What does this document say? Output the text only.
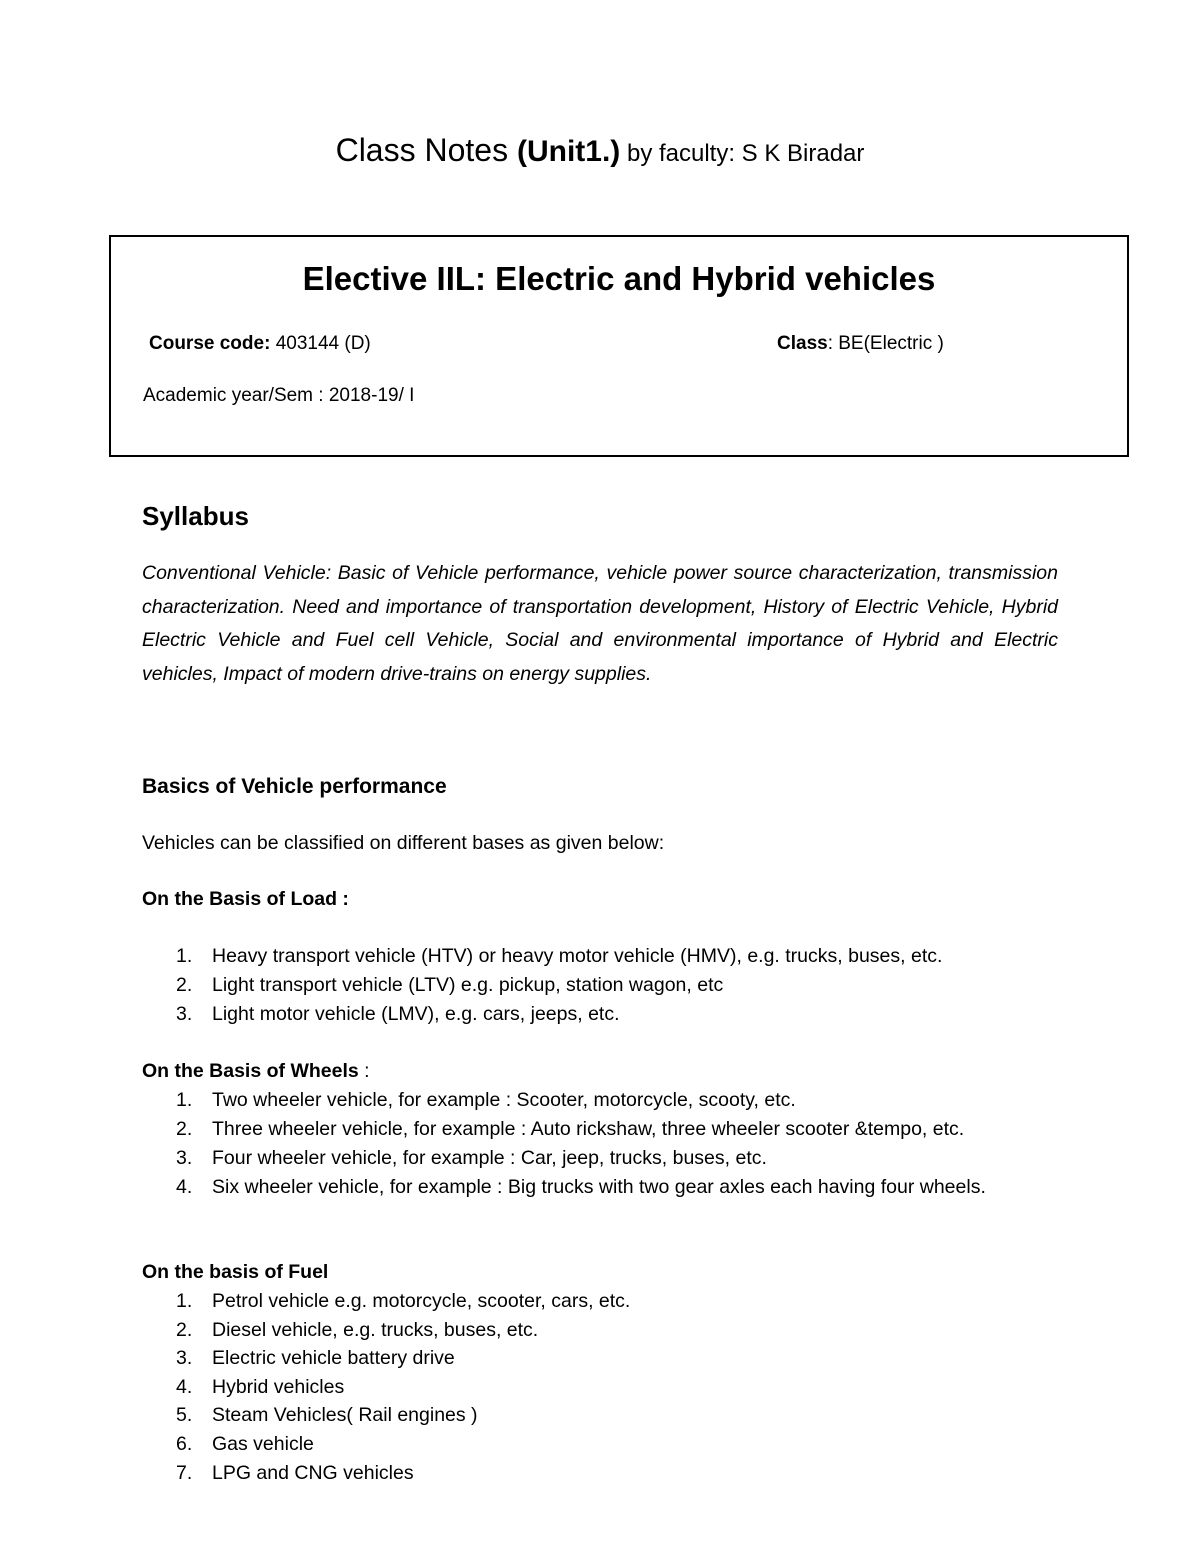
Class Notes (Unit1.) by faculty: S K Biradar
Elective IIL: Electric and Hybrid vehicles
Course code: 403144 (D)	Class: BE(Electric )
Academic year/Sem : 2018-19/ I
Syllabus
Conventional Vehicle: Basic of Vehicle performance, vehicle power source characterization, transmission characterization. Need and importance of transportation development, History of Electric Vehicle, Hybrid Electric Vehicle and Fuel cell Vehicle, Social and environmental importance of Hybrid and Electric vehicles, Impact of modern drive-trains on energy supplies.
Basics of Vehicle performance
Vehicles can be classified on different bases as given below:
On the Basis of Load :
1. Heavy transport vehicle (HTV) or heavy motor vehicle (HMV), e.g. trucks, buses, etc.
2. Light transport vehicle (LTV) e.g. pickup, station wagon, etc
3. Light motor vehicle (LMV), e.g. cars, jeeps, etc.
On the Basis of Wheels :
1. Two wheeler vehicle, for example : Scooter, motorcycle, scooty, etc.
2. Three wheeler vehicle, for example : Auto rickshaw, three wheeler scooter &tempo, etc.
3. Four wheeler vehicle, for example : Car, jeep, trucks, buses, etc.
4. Six wheeler vehicle, for example : Big trucks with two gear axles each having four wheels.
On the basis of Fuel
1. Petrol vehicle e.g. motorcycle, scooter, cars, etc.
2. Diesel vehicle, e.g. trucks, buses, etc.
3. Electric vehicle battery drive
4. Hybrid vehicles
5. Steam Vehicles( Rail engines )
6. Gas vehicle
7. LPG and CNG vehicles
